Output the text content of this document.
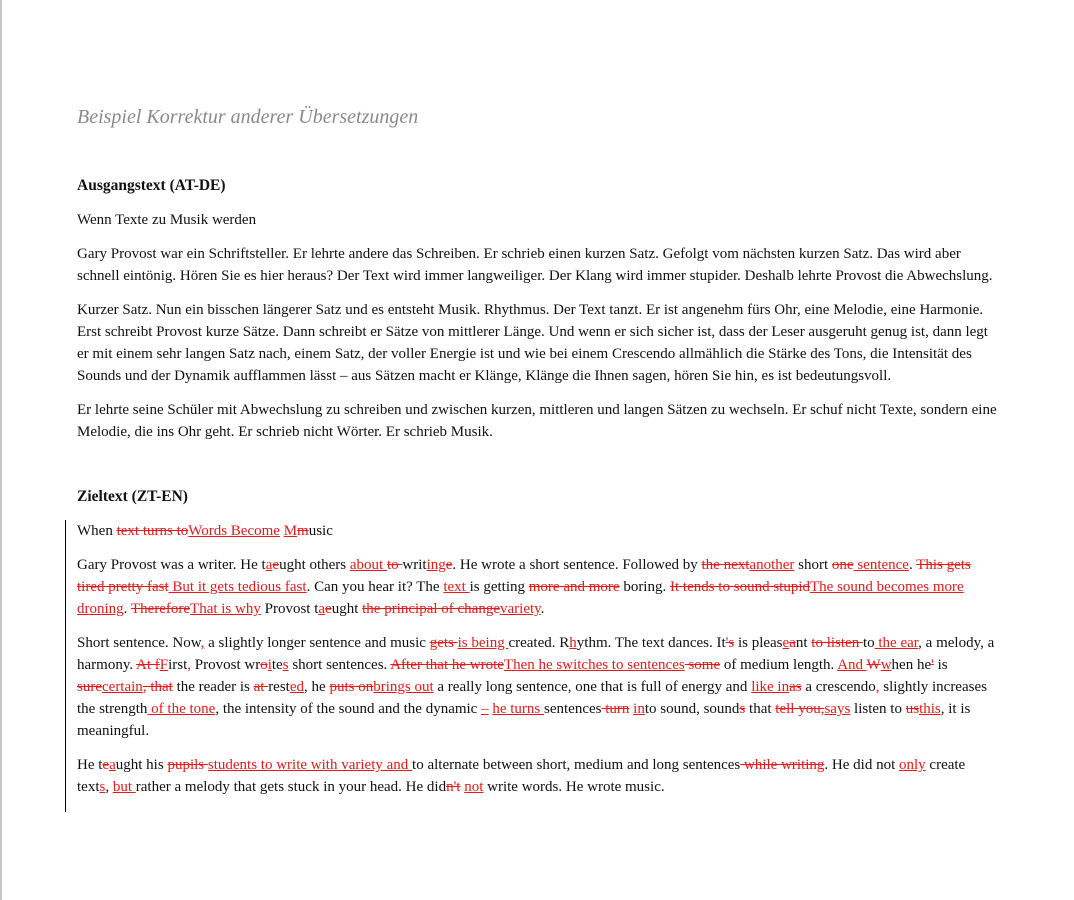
Beispiel Korrektur anderer Übersetzungen
Ausgangstext (AT-DE)

Wenn Texte zu Musik werden

Gary Provost war ein Schriftsteller. Er lehrte andere das Schreiben. Er schrieb einen kurzen Satz. Gefolgt vom nächsten kurzen Satz. Das wird aber schnell eintönig. Hören Sie es hier heraus? Der Text wird immer langweiliger. Der Klang wird immer stupider. Deshalb lehrte Provost die Abwechslung.

Kurzer Satz. Nun ein bisschen längerer Satz und es entsteht Musik. Rhythmus. Der Text tanzt. Er ist angenehm fürs Ohr, eine Melodie, eine Harmonie. Erst schreibt Provost kurze Sätze. Dann schreibt er Sätze von mittlerer Länge. Und wenn er sich sicher ist, dass der Leser ausgeruht genug ist, dann legt er mit einem sehr langen Satz nach, einem Satz, der voller Energie ist und wie bei einem Crescendo allmählich die Stärke des Tons, die Intensität des Sounds und der Dynamik aufflammen lässt – aus Sätzen macht er Klänge, Klänge die Ihnen sagen, hören Sie hin, es ist bedeutungsvoll.

Er lehrte seine Schüler mit Abwechslung zu schreiben und zwischen kurzen, mittleren und langen Sätzen zu wechseln. Er schuf nicht Texte, sondern eine Melodie, die ins Ohr geht. Er schrieb nicht Wörter. Er schrieb Musik.

Zieltext (ZT-EN)

When text turns toWords Become Mmusic

Gary Provost was a writer. He taeught others about to writinge. He wrote a short sentence. Followed by the nextanother short one sentence. This gets tired pretty fast But it gets tedious fast. Can you hear it? The text is getting more and more boring. It tends to sound stupidThe sound becomes more droning. ThereforeThat is why Provost taeught the principal of changevariety.

Short sentence. Now, a slightly longer sentence and music gets is being created. Rhythm. The text dances. It's is pleaseant to listen to the ear, a melody, a harmony. At fFirst, Provost wroites short sentences. After that he wroteThen he switches to sentences some of medium length. And Wwhen he' is surecertain, that the reader is at rested, he puts onbrings out a really long sentence, one that is full of energy and like inas a crescendo, slightly increases the strength of the tone, the intensity of the sound and the dynamic – he turns sentences turn into sound, sounds that tell you,says listen to usthis, it is meaningful.

He teaught his pupils students to write with variety and to alternate between short, medium and long sentences while writing. He did not only create texts, but rather a melody that gets stuck in your head. He didn't not write words. He wrote music.
